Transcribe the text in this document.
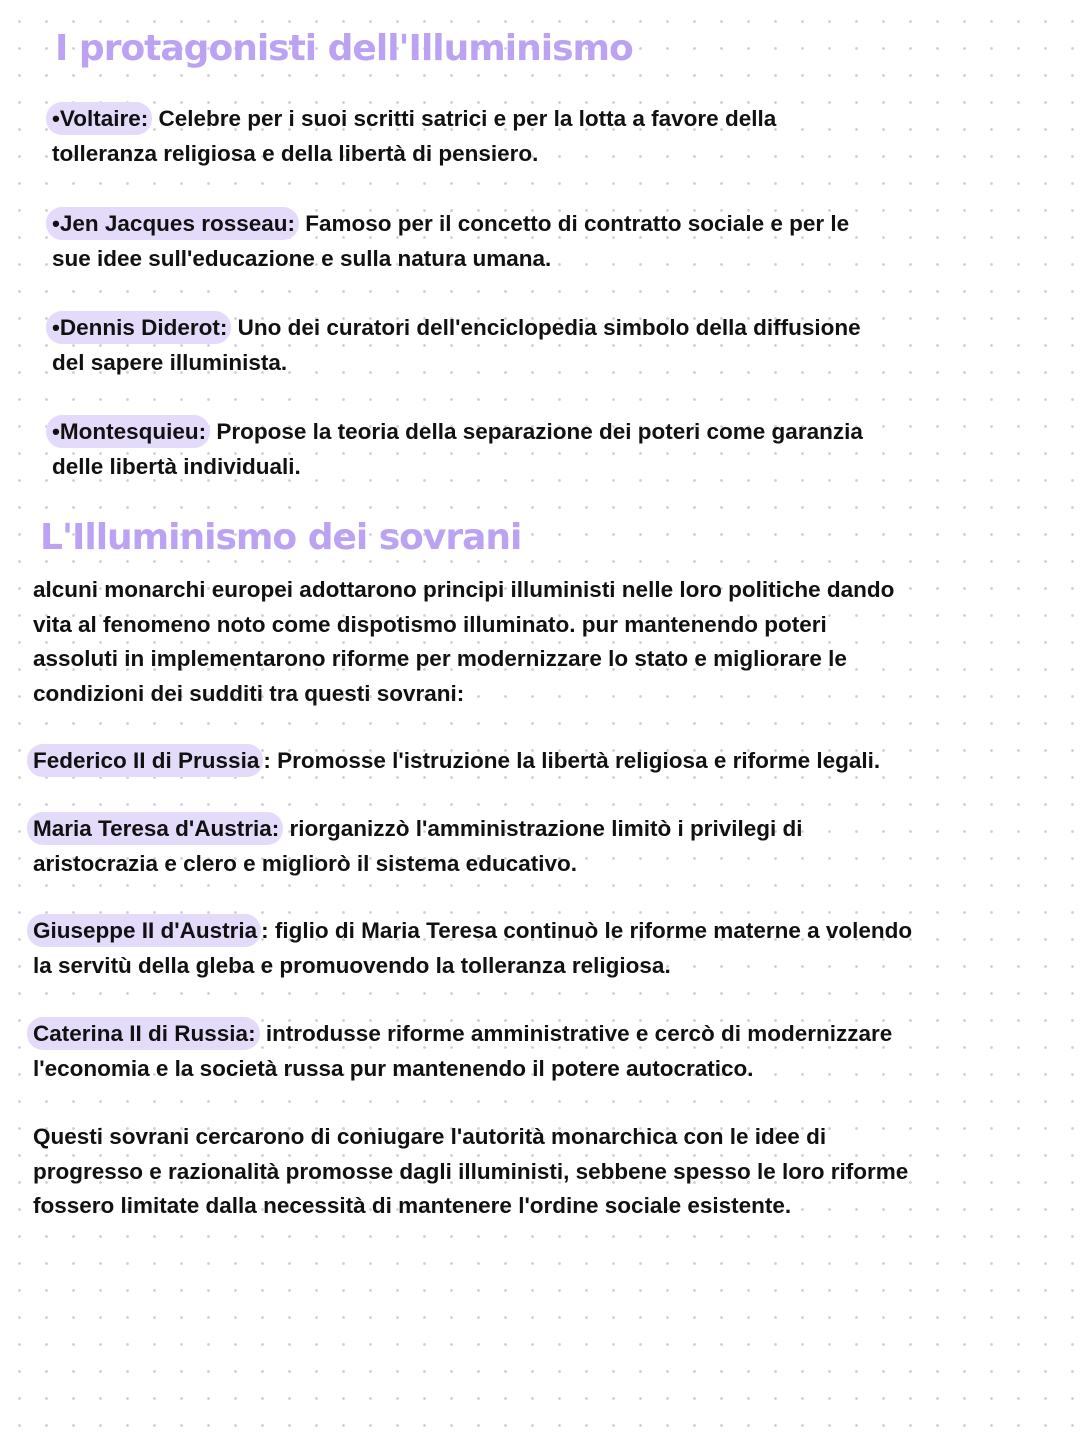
I protagonisti dell'Illuminismo
•Voltaire: Celebre per i suoi scritti satrici e per la lotta a favore della
tolleranza religiosa e della libertà di pensiero.
•Jen Jacques rosseau: Famoso per il concetto di contratto sociale e per le
sue idee sull'educazione e sulla natura umana.
•Dennis Diderot: Uno dei curatori dell'enciclopedia simbolo della diffusione
del sapere illuminista.
•Montesquieu: Propose la teoria della separazione dei poteri come garanzia
delle libertà individuali.
L'Illuminismo dei sovrani
alcuni monarchi europei adottarono principi illuministi nelle loro politiche dando
vita al fenomeno noto come dispotismo illuminato. pur mantenendo poteri
assoluti in implementarono riforme per modernizzare lo stato e migliorare le
condizioni dei sudditi tra questi sovrani:
Federico II di Prussia : Promosse l'istruzione la libertà religiosa e riforme legali.
Maria Teresa d'Austria: riorganizzò l'amministrazione limitò i privilegi di
aristocrazia e clero e migliorò il sistema educativo.
Giuseppe II d'Austria : figlio di Maria Teresa continuò le riforme materne a volendo
la servitù della gleba e promuovendo la tolleranza religiosa.
Caterina II di Russia: introdusse riforme amministrative e cercò di modernizzare
l'economia e la società russa pur mantenendo il potere autocratico.
Questi sovrani cercarono di coniugare l'autorità monarchica con le idee di
progresso e razionalità promosse dagli illuministi, sebbene spesso le loro riforme
fossero limitate dalla necessità di mantenere l'ordine sociale esistente.
